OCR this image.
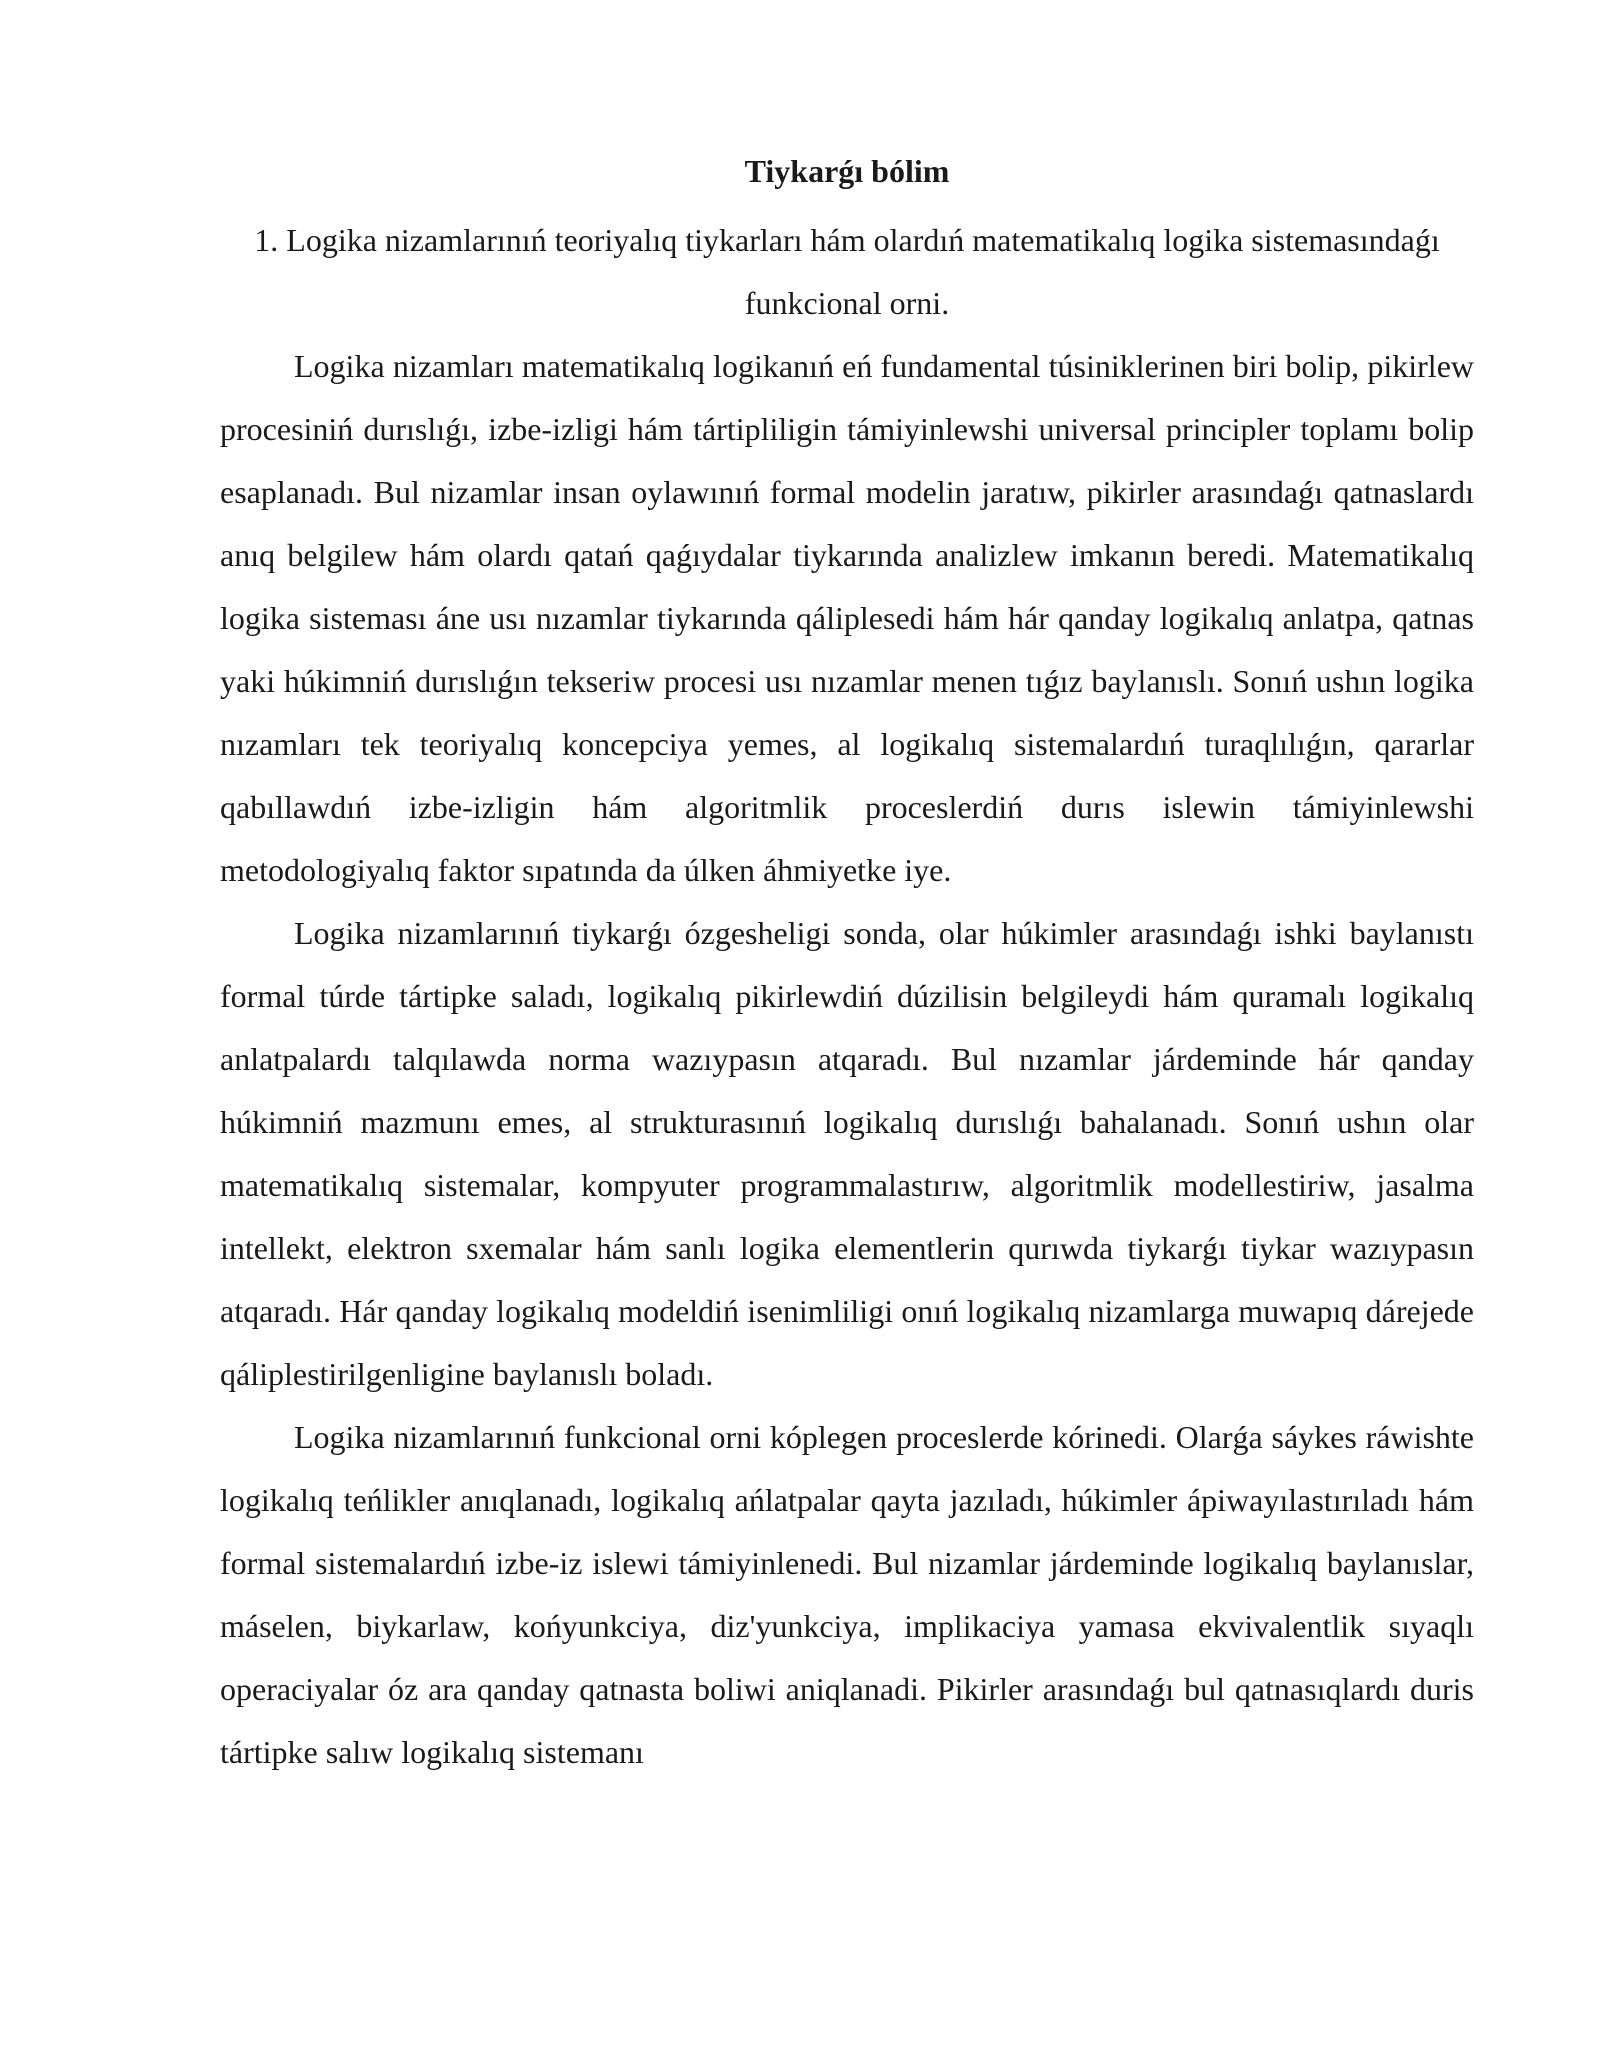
Tiykarǵı bólim
1. Logika nizamlarınıń teoriyalıq tiykarları hám olardıń matematikalıq logika sistemasındaǵı funkcional orni.

Logika nizamları matematikalıq logikanıń eń fundamental túsiniklerinen biri bolip, pikirlew procesiniń durıslıǵı, izbe-izligi hám tártipliligin támiyinlewshi universal principler toplamı bolip esaplanadı. Bul nizamlar insan oylawınıń formal modelin jaratıw, pikirler arasındaǵı qatnaslardı anıq belgilew hám olardı qatań qaǵıydalar tiykarında analizlew imkanın beredi. Matematikalıq logika sisteması áne usı nızamlar tiykarında qáliplesedi hám hár qanday logikalıq anlatpa, qatnas yaki húkimniń durıslıǵın tekseriw procesi usı nızamlar menen tıǵız baylanıslı. Sonıń ushın logika nızamları tek teoriyalıq koncepciya yemes, al logikalıq sistemalardıń turaqlılıǵın, qararlar qabıllawdıń izbe-izligin hám algoritmlik proceslerdiń durıs islewin támiyinlewshi metodologiyalıq faktor sıpatında da úlken áhmiyetke iye.

Logika nizamlarınıń tiykarǵı ózgesheligi sonda, olar húkimler arasındaǵı ishki baylanıstı formal túrde tártipke saladı, logikalıq pikirlewdiń dúzilisin belgileydi hám quramalı logikalıq anlatpalardı talqılawda norma wazıypasın atqaradı. Bul nızamlar járdeminde hár qanday húkimniń mazmunı emes, al strukturasınıń logikalıq durıslıǵı bahalanadı. Sonıń ushın olar matematikalıq sistemalar, kompyuter programmalastırıw, algoritmlik modellestiriw, jasalma intellekt, elektron sxemalar hám sanlı logika elementlerin qurıwda tiykarǵı tiykar wazıypasın atqaradı. Hár qanday logikalıq modeldiń isenimliligi onıń logikalıq nizamlarga muwapıq dárejede qáliplestirilgenligine baylanıslı boladı.

Logika nizamlarınıń funkcional orni kóplegen proceslerde kórinedi. Olarǵa sáykes ráwishte logikalıq teńlikler anıqlanadı, logikalıq ańlatpalar qayta jazıladı, húkimler ápiwayılastırıladı hám formal sistemalardıń izbe-iz islewi támiyinlenedi. Bul nizamlar járdeminde logikalıq baylanıslar, máselen, biykarlaw, końyunkciya, diz'yunkciya, implikaciya yamasa ekvivalentlik sıyaqlı operaciyalar óz ara qanday qatnasta boliwi aniqlanadi. Pikirler arasındaǵı bul qatnasıqlardı duris tártipke salıw logikalıq sistemanı
